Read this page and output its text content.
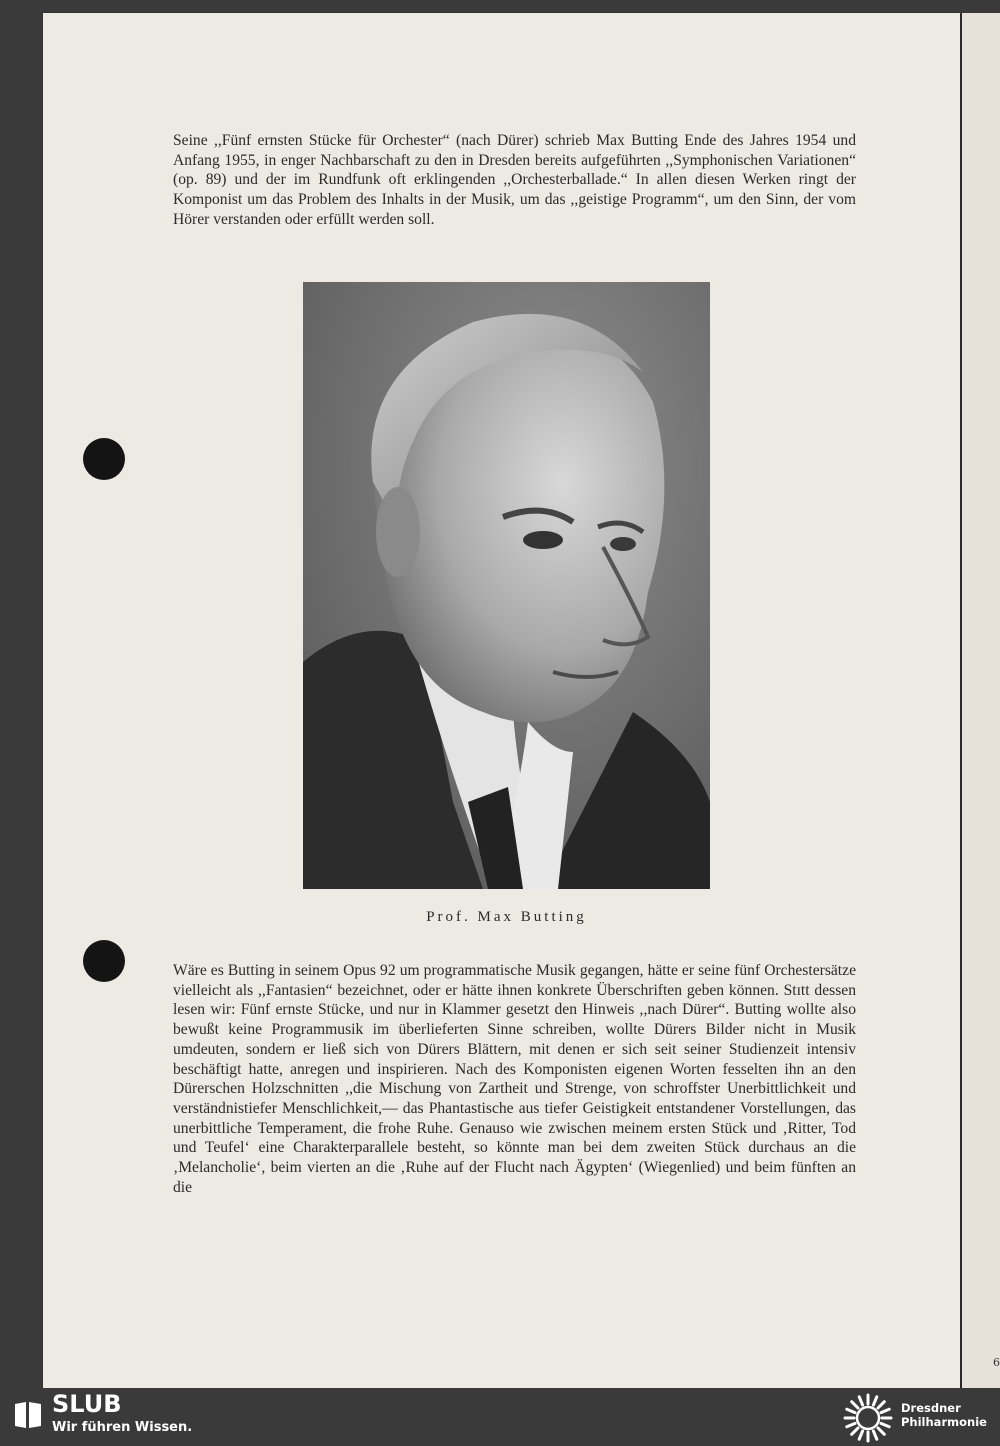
6

Seine ,,Fünf ernsten Stücke für Orchester“ (nach Dürer) schrieb Max Butting Ende des Jahres 1954 und Anfang 1955, in enger Nachbarschaft zu den in Dresden bereits aufgeführten ,,Symphonischen Variationen“ (op. 89) und der im Rundfunk oft erklingenden ,,Orchesterballade.“ In allen diesen Werken ringt der Komponist um das Problem des Inhalts in der Musik, um das ,,geistige Programm“, um den Sinn, der vom Hörer verstanden oder erfüllt werden soll.

Prof. Max Butting

Wäre es Butting in seinem Opus 92 um programmatische Musik gegangen, hätte er seine fünf Orchestersätze vielleicht als ,,Fantasien“ bezeichnet, oder er hätte ihnen konkrete Überschriften geben können. Stɪtt dessen lesen wir: Fünf ernste Stücke, und nur in Klammer gesetzt den Hinweis ,,nach Dürer“. Butting wollte also bewußt keine Programmusik im überlieferten Sinne schreiben, wollte Dürers Bilder nicht in Musik umdeuten, sondern er ließ sich von Dürers Blättern, mit denen er sich seit seiner Studienzeit intensiv beschäftigt hatte, anregen und inspirieren. Nach des Komponisten eigenen Worten fesselten ihn an den Dürerschen Holzschnitten ,,die Mischung von Zartheit und Strenge, von schroffster Unerbittlichkeit und verständnistiefer Menschlichkeit,— das Phantastische aus tiefer Geistigkeit entstandener Vorstellungen, das unerbittliche Temperament, die frohe Ruhe. Genauso wie zwischen meinem ersten Stück und ‚Ritter, Tod und Teufel‘ eine Charakterparallele besteht, so könnte man bei dem zweiten Stück durchaus an die ‚Melancholie‘, beim vierten an die ‚Ruhe auf der Flucht nach Ägypten‘ (Wiegenlied) und beim fünften an die

SLUB
Wir führen Wissen.
Dresdner
Philharmonie
